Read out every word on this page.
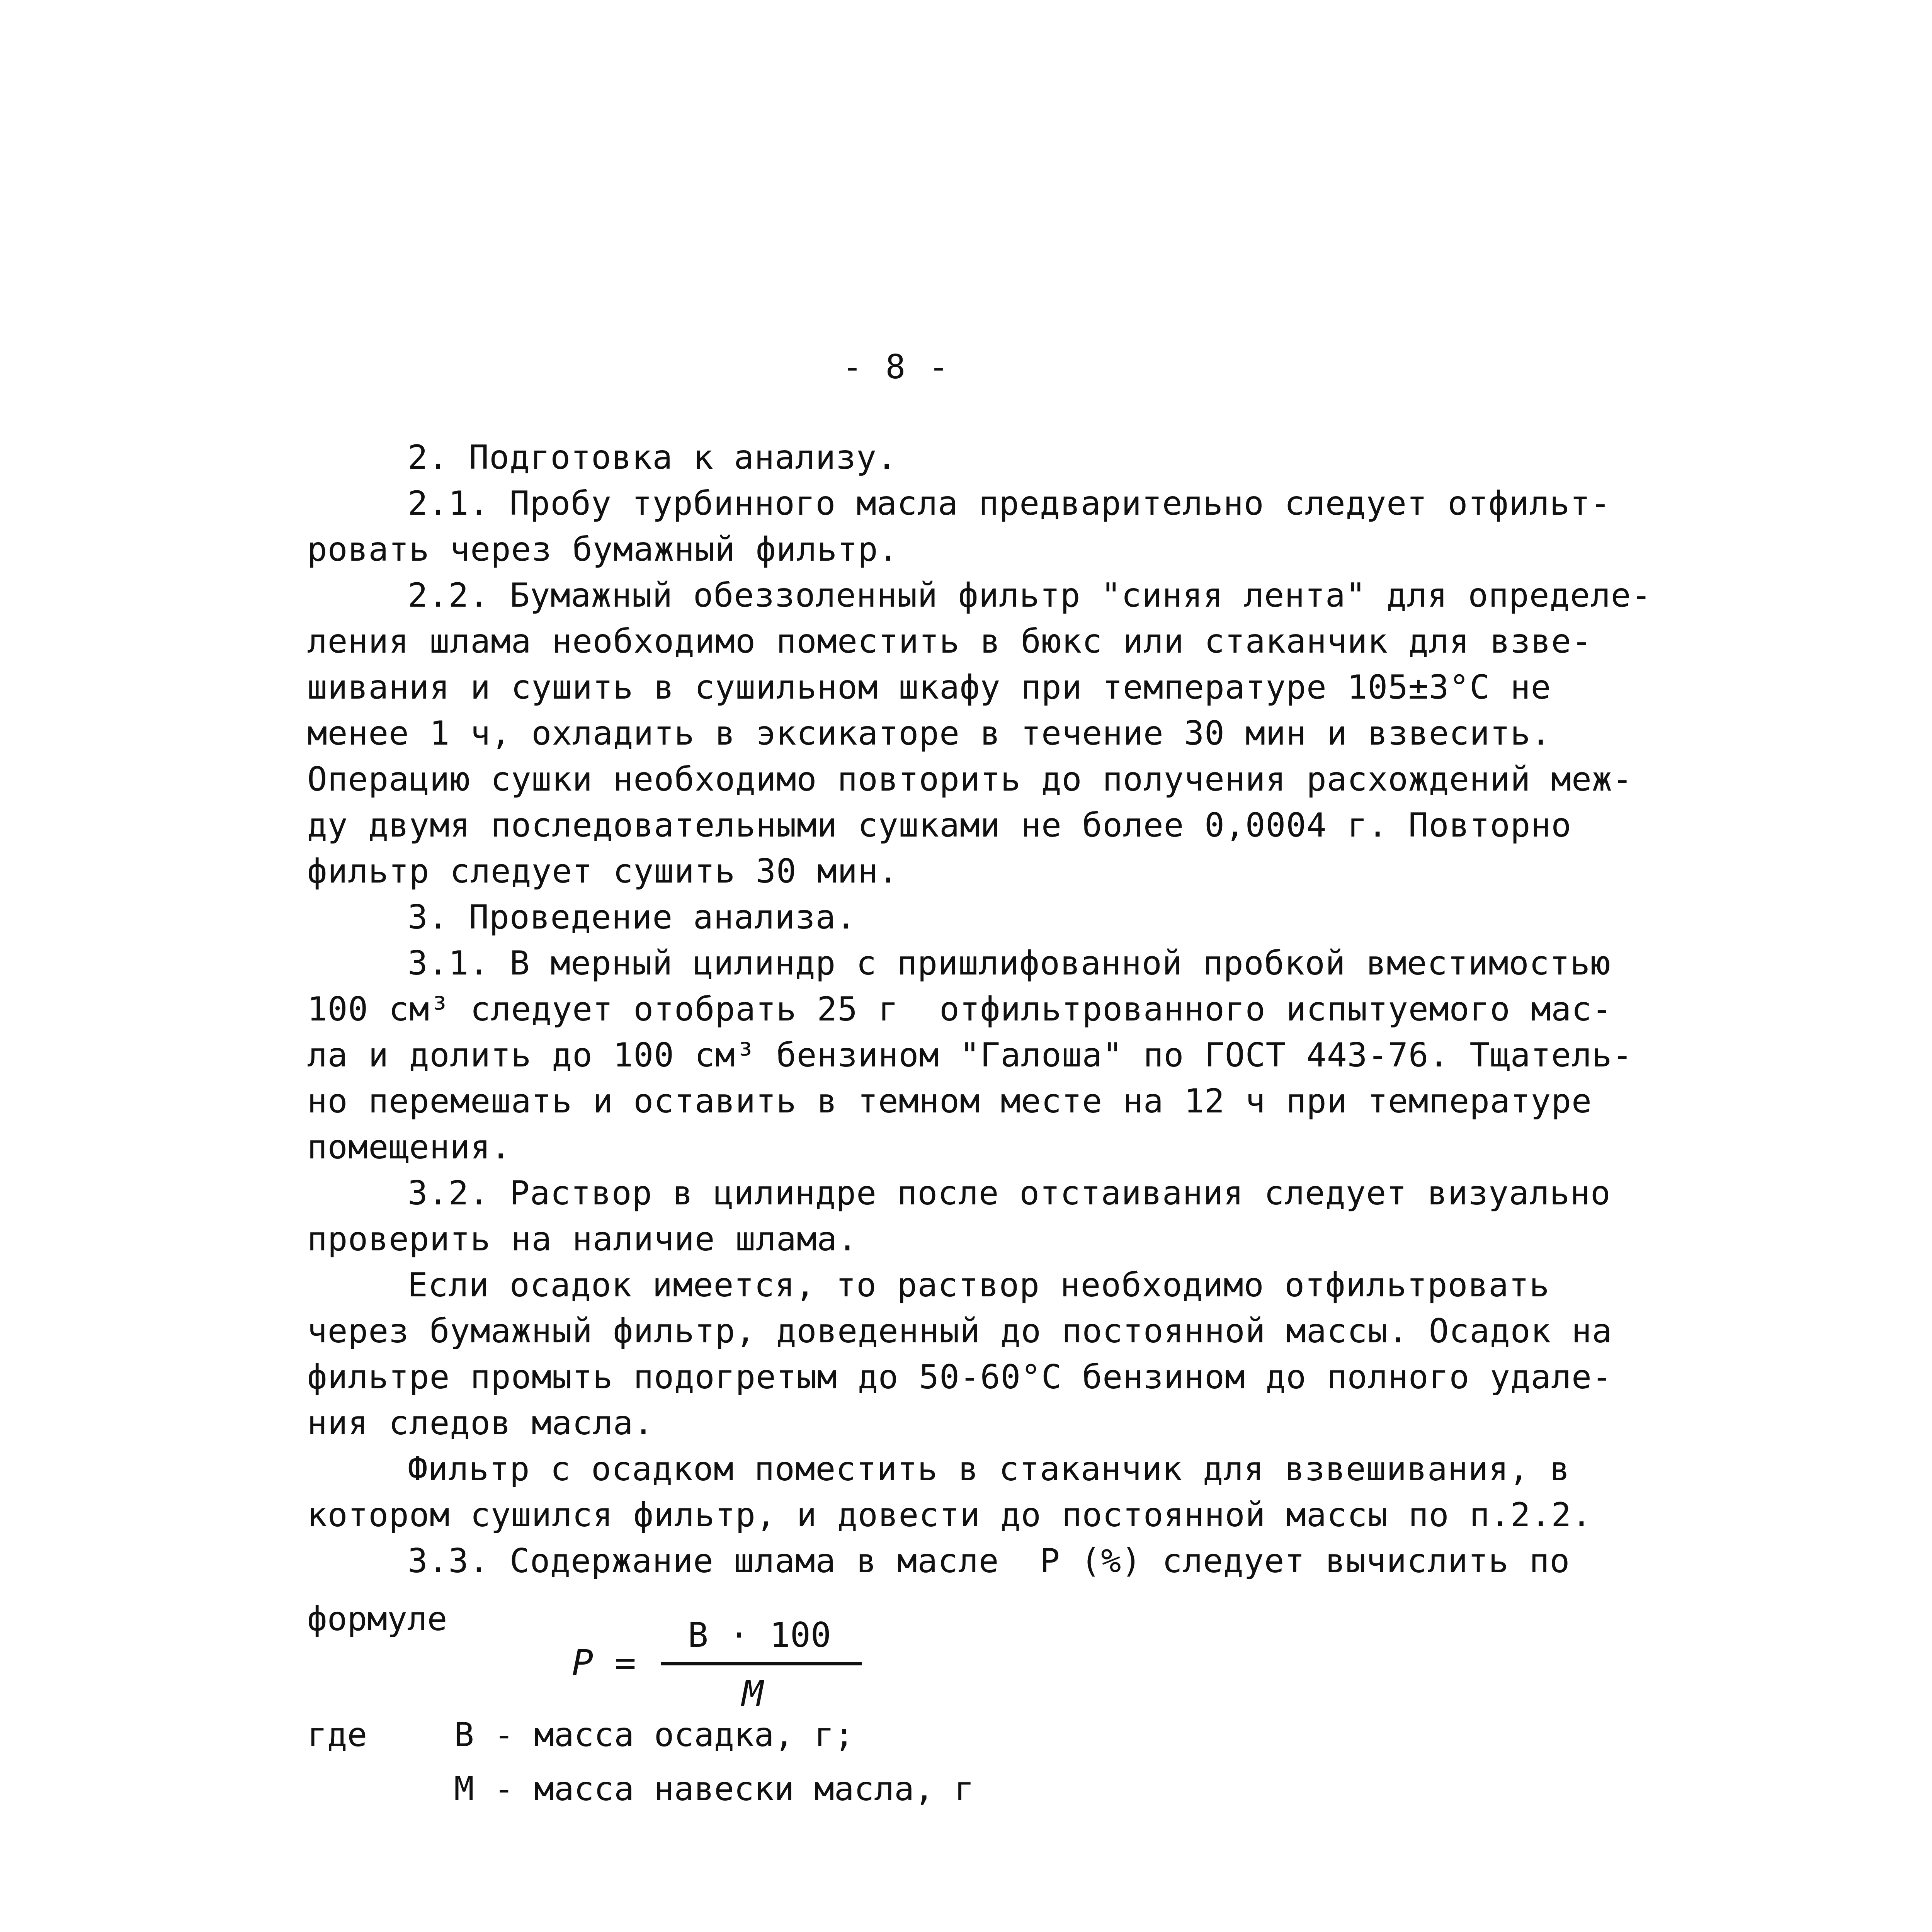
- 8 -
2. Подготовка к анализу.
2.1. Пробу турбинного масла предварительно следует отфильт-
ровать через бумажный фильтр.
2.2. Бумажный обеззоленный фильтр "синяя лента" для определе-
ления шлама необходимо поместить в бюкс или стаканчик для взве-
шивания и сушить в сушильном шкафу при температуре 105±3°С не
менее 1 ч, охладить в эксикаторе в течение 30 мин и взвесить.
Операцию сушки необходимо повторить до получения расхождений меж-
ду двумя последовательными сушками не более 0,0004 г. Повторно
фильтр следует сушить 30 мин.
3. Проведение анализа.
3.1. В мерный цилиндр с пришлифованной пробкой вместимостью
100 см³ следует отобрать 25 г  отфильтрованного испытуемого мас-
ла и долить до 100 см³ бензином "Галоша" по ГОСТ 443-76. Тщатель-
но перемешать и оставить в темном месте на 12 ч при температуре
помещения.
3.2. Раствор в цилиндре после отстаивания следует визуально
проверить на наличие шлама.
Если осадок имеется, то раствор необходимо отфильтровать
через бумажный фильтр, доведенный до постоянной массы. Осадок на
фильтре промыть подогретым до 50-60°С бензином до полного удале-
ния следов масла.
Фильтр с осадком поместить в стаканчик для взвешивания, в
котором сушился фильтр, и довести до постоянной массы по п.2.2.
3.3. Содержание шлама в масле  Р (%) следует вычислить по
формуле
Р =
В · 100
М
где	В - масса осадка, г;
М - масса навески масла, г
